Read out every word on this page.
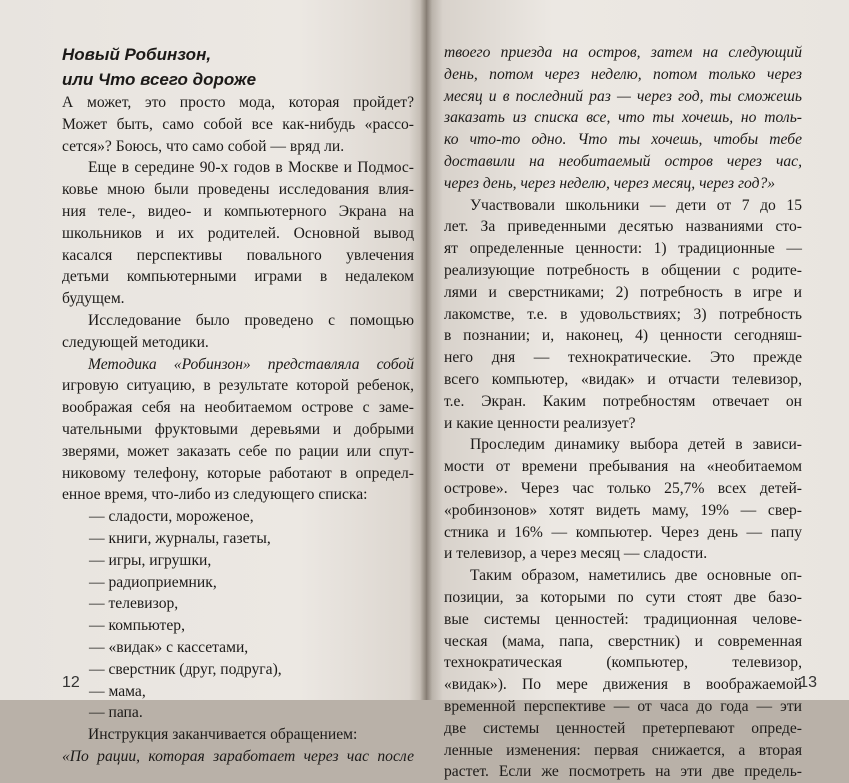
Новый Робинзон,
или Что всего дороже
А может, это просто мода, которая пройдет?
Может быть, само собой все как-нибудь «рассо-
сется»? Боюсь, что само собой — вряд ли.
Еще в середине 90-х годов в Москве и Подмос-
ковье мною были проведены исследования влия-
ния теле-, видео- и компьютерного Экрана на
школьников и их родителей. Основной вывод
касался перспективы повального увлечения
детьми компьютерными играми в недалеком
будущем.
Исследование было проведено с помощью
следующей методики.
Методика «Робинзон» представляла собой
игровую ситуацию, в результате которой ребенок,
воображая себя на необитаемом острове с заме-
чательными фруктовыми деревьями и добрыми
зверями, может заказать себе по рации или спут-
никовому телефону, которые работают в определ-
енное время, что-либо из следующего списка:
— сладости, мороженое,
— книги, журналы, газеты,
— игры, игрушки,
— радиоприемник,
— телевизор,
— компьютер,
— «видак» с кассетами,
— сверстник (друг, подруга),
— мама,
— папа.
Инструкция заканчивается обращением:
«По рации, которая заработает через час после
12
твоего приезда на остров, затем на следующий
день, потом через неделю, потом только через
месяц и в последний раз — через год, ты сможешь
заказать из списка все, что ты хочешь, но толь-
ко что-то одно. Что ты хочешь, чтобы тебе
доставили на необитаемый остров через час,
через день, через неделю, через месяц, через год?»
Участвовали школьники — дети от 7 до 15
лет. За приведенными десятью названиями сто-
ят определенные ценности: 1) традиционные —
реализующие потребность в общении с родите-
лями и сверстниками; 2) потребность в игре и
лакомстве, т.е. в удовольствиях; 3) потребность
в познании; и, наконец, 4) ценности сегодняш-
него дня — технократические. Это прежде
всего компьютер, «видак» и отчасти телевизор,
т.е. Экран. Каким потребностям отвечает он
и какие ценности реализует?
Проследим динамику выбора детей в зависи-
мости от времени пребывания на «необитаемом
острове». Через час только 25,7% всех детей-
«робинзонов» хотят видеть маму, 19% — свер-
стника и 16% — компьютер. Через день — папу
и телевизор, а через месяц — сладости.
Таким образом, наметились две основные оп-
позиции, за которыми по сути стоят две базо-
вые системы ценностей: традиционная челове-
ческая (мама, папа, сверстник) и современная
технократическая (компьютер, телевизор,
«видак»). По мере движения в воображаемой
временной перспективе — от часа до года — эти
две системы ценностей претерпевают опреде-
ленные изменения: первая снижается, а вторая
растет. Если же посмотреть на эти две предель-
13
